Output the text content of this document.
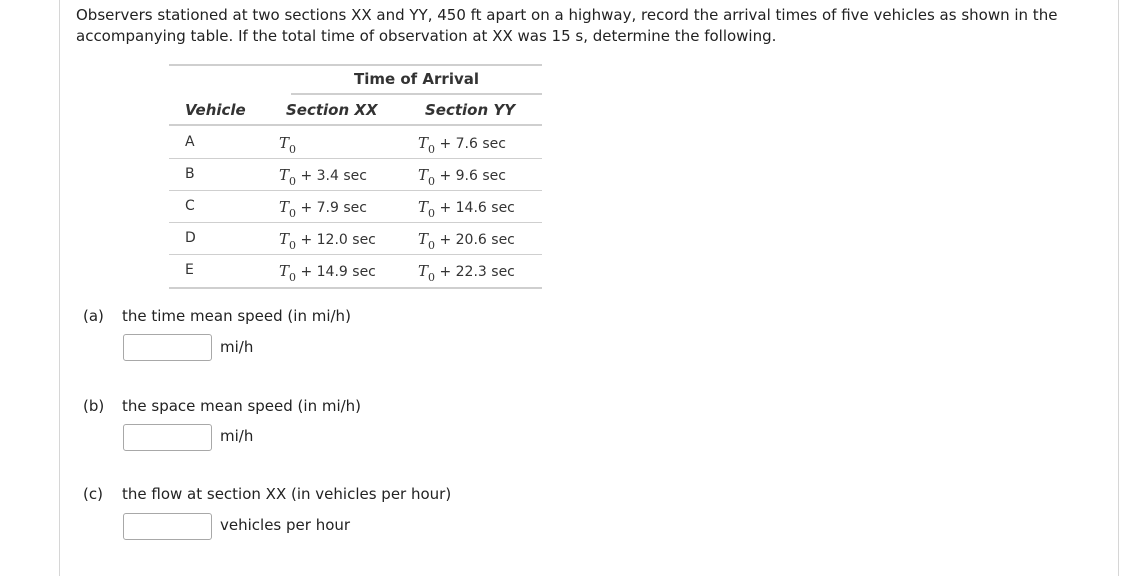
Observers stationed at two sections XX and YY, 450 ft apart on a highway, record the arrival times of five vehicles as shown in the accompanying table. If the total time of observation at XX was 15 s, determine the following.
Time of Arrival
Vehicle	Section XX	Section YY
A	$T_0$	$T_0 + 7.6$ sec
B	$T_0 + 3.4$ sec	$T_0 + 9.6$ sec
C	$T_0 + 7.9$ sec	$T_0 + 14.6$ sec
D	$T_0 + 12.0$ sec	$T_0 + 20.6$ sec
E	$T_0 + 14.9$ sec	$T_0 + 22.3$ sec
(a) the time mean speed (in mi/h)
mi/h
(b) the space mean speed (in mi/h)
mi/h
(c) the flow at section XX (in vehicles per hour)
vehicles per hour
